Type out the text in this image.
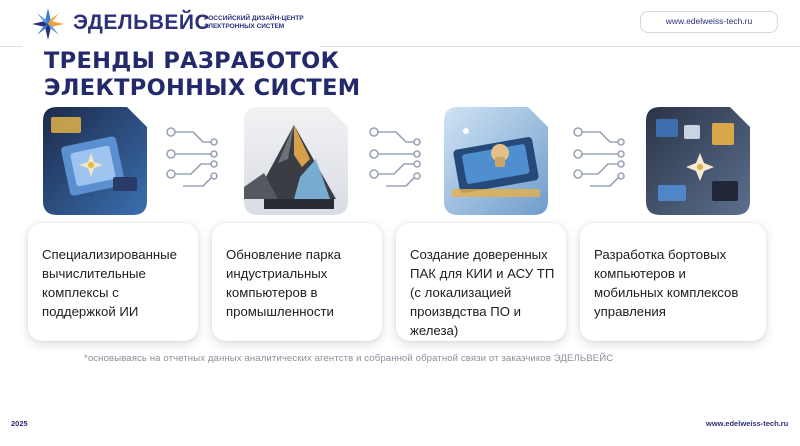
ЭДЕЛЬВЕЙС
РОССИЙСКИЙ ДИЗАЙН-ЦЕНТР
ЭЛЕКТРОННЫХ СИСТЕМ
www.edelweiss-tech.ru
ТРЕНДЫ РАЗРАБОТОК
ЭЛЕКТРОННЫХ СИСТЕМ
Специализированные вычислительные комплексы с поддержкой ИИ
Обновление парка индустриальных компьютеров в промышленности
Создание доверенных ПАК для КИИ и АСУ ТП (с локализацией произвдства ПО и железа)
Разработка бортовых компьютеров и мобильных комплексов управления
*основываясь на отчетных данных аналитических агентств и собранной обратной связи от заказчиков ЭДЕЛЬВЕЙС
2025	www.edelweiss-tech.ru
